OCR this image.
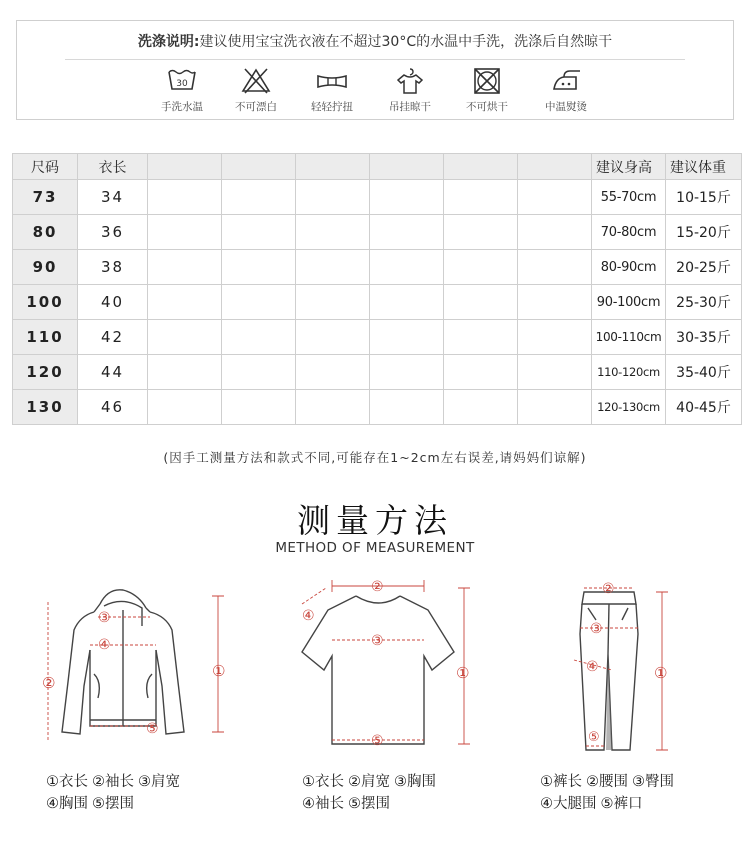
洗涤说明:建议使用宝宝洗衣液在不超过30°C的水温中手洗，洗涤后自然晾干
30
手洗水温	不可漂白	轻轻拧扭	吊挂晾干	不可烘干	中温熨烫
尺码	衣长							建议身高	建议体重
73	34							55-70cm	10-15斤
80	36							70-80cm	15-20斤
90	38							80-90cm	20-25斤
100	40							90-100cm	25-30斤
110	42							100-110cm	30-35斤
120	44							110-120cm	35-40斤
130	46							120-130cm	40-45斤
(因手工测量方法和款式不同,可能存在1~2cm左右误差,请妈妈们谅解)
测量方法
METHOD OF MEASUREMENT
③
④
⑤
①
②
②
③
⑤
①
④
②
③
④
⑤
①
①衣长 ②袖长 ③肩宽
④胸围 ⑤摆围
①衣长 ②肩宽 ③胸围
④袖长 ⑤摆围
①裤长 ②腰围 ③臀围
④大腿围 ⑤裤口
